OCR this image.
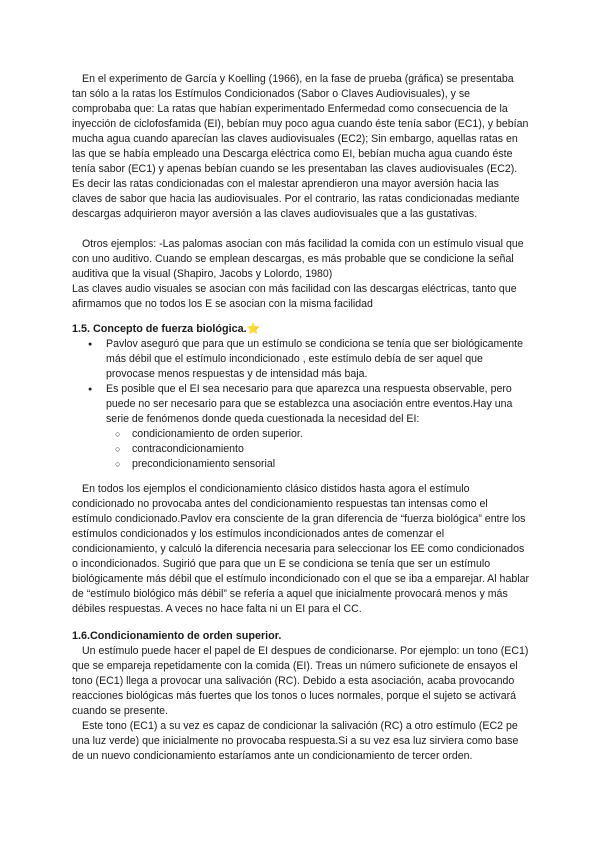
En el experimento de García y Koelling (1966), en la fase de prueba (gráfica) se presentaba tan sólo a la ratas los Estímulos Condicionados (Sabor o Claves Audiovisuales), y se comprobaba que: La ratas que habían experimentado Enfermedad como consecuencia de la inyección de ciclofosfamida (EI), bebían muy poco agua cuando éste tenía sabor (EC1), y bebían mucha agua cuando aparecían las claves audiovisuales (EC2); Sin embargo, aquellas ratas en las que se había empleado una Descarga eléctrica como EI, bebían mucha agua cuando éste tenía sabor (EC1) y apenas bebían cuando se les presentaban las claves audiovisuales (EC2). Es decir las ratas condicionadas con el malestar aprendieron una mayor aversión hacia las claves de sabor que hacia las audiovisuales. Por el contrario, las ratas condicionadas mediante descargas adquirieron mayor aversión a las claves audiovisuales que a las gustativas.

Otros ejemplos: -Las palomas asocian con más facilidad la comida con un estímulo visual que con uno auditivo. Cuando se emplean descargas, es más probable que se condicione la señal auditiva que la visual (Shapiro, Jacobs y Lolordo, 1980)

Las claves audio visuales se asocian con más facilidad con las descargas eléctricas, tanto que afirmamos que no todos los E se asocian con la misma facilidad

1.5. Concepto de fuerza biológica.⭐
● Pavlov aseguró que para que un estímulo se condiciona se tenía que ser biológicamente más débil que el estímulo incondicionado , este estímulo debía de ser aquel que provocase menos respuestas y de intensidad más baja.
● Es posible que el EI sea necesario para que aparezca una respuesta observable, pero puede no ser necesario para que se establezca una asociación entre eventos.Hay una serie de fenómenos donde queda cuestionada la necesidad del EI:
○ condicionamiento de orden superior.
○ contracondicionamiento
○ precondicionamiento sensorial

En todos los ejemplos el condicionamiento clásico distidos hasta agora el estímulo condicionado no provocaba antes del condicionamiento respuestas tan intensas como el estímulo condicionado.Pavlov era consciente de la gran diferencia de “fuerza biológica” entre los estímulos condicionados y los estímulos incondicionados antes de comenzar el condicionamiento, y calculó la diferencia necesaria para seleccionar los EE como condicionados o incondicionados. Sugirió que para que un E se condiciona se tenía que ser un estímulo biológicamente más débil que el estímulo incondicionado con el que se iba a emparejar. Al hablar de “estímulo biológico más débil” se refería a aquel que inicialmente provocará menos y más débiles respuestas. A veces no hace falta ni un EI para el CC.

1.6.Condicionamiento de orden superior.

Un estímulo puede hacer el papel de EI despues de condicionarse. Por ejemplo: un tono (EC1) que se empareja repetidamente con la comida (EI). Treas un número suficionete de ensayos el tono (EC1) llega a provocar una salivación (RC). Debido a esta asociación, acaba provocando reacciones biológicas más fuertes que los tonos o luces normales, porque el sujeto se activará cuando se presente.

Este tono (EC1) a su vez es capaz de condicionar la salivación (RC) a otro estímulo (EC2 pe una luz verde) que inicialmente no provocaba respuesta.Si a su vez esa luz sirviera como base de un nuevo condicionamiento estaríamos ante un condicionamiento de tercer orden.
